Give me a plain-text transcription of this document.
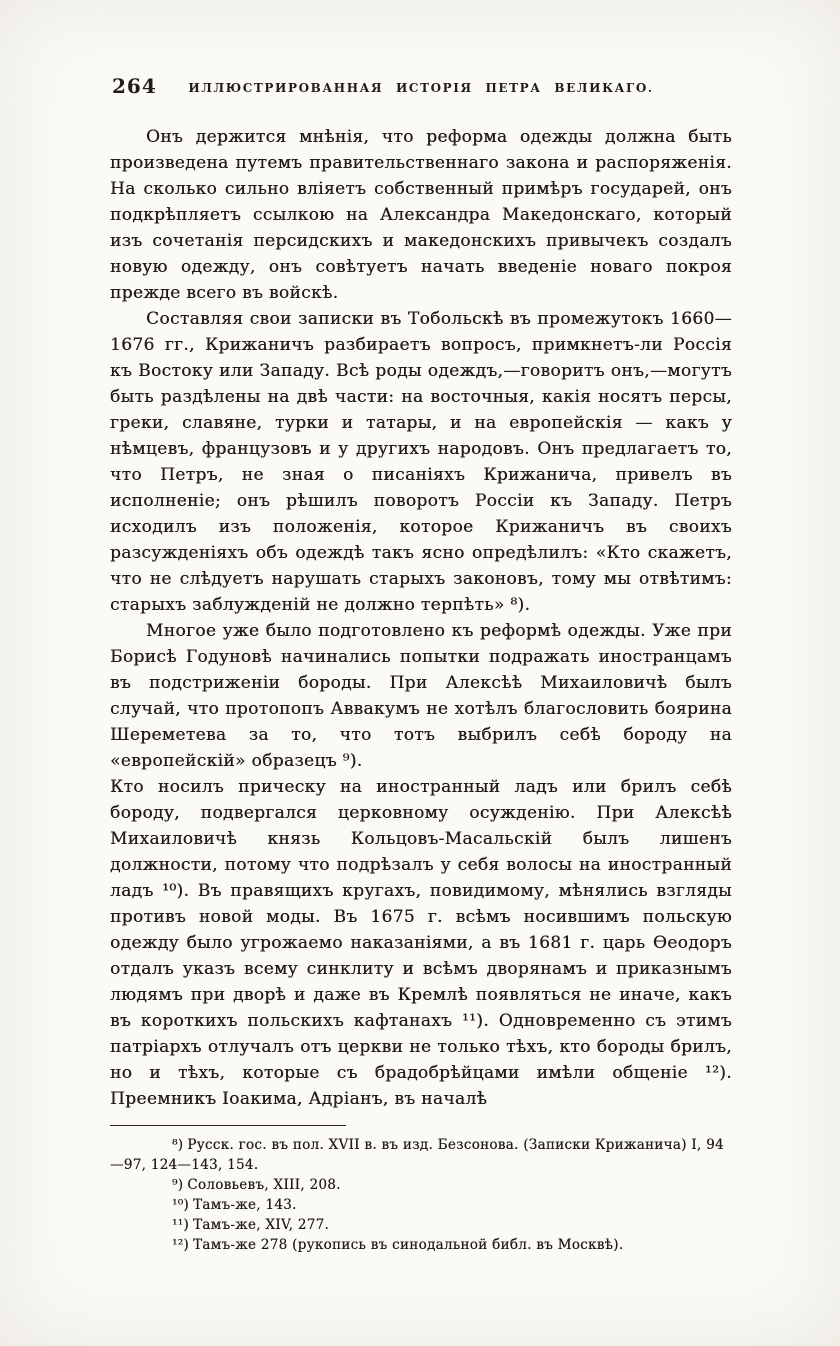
264	ИЛЛЮСТРИРОВАННАЯ ИСТОРІЯ ПЕТРА ВЕЛИКАГО.

Онъ держится мнѣнія, что реформа одежды должна быть произведена путемъ правительственнаго закона и распоряженія. На сколько сильно вліяетъ собственный примѣръ государей, онъ подкрѣпляетъ ссылкою на Александра Македонскаго, который изъ сочетанія персидскихъ и македонскихъ привычекъ создалъ новую одежду, онъ совѣтуетъ начать введеніе новаго покроя прежде всего въ войскѣ.

Составляя свои записки въ Тобольскѣ въ промежутокъ 1660—1676 гг., Крижаничъ разбираетъ вопросъ, примкнетъ-ли Россія къ Востоку или Западу. Всѣ роды одеждъ,—говоритъ онъ,—могутъ быть раздѣлены на двѣ части: на восточныя, какія носятъ персы, греки, славяне, турки и татары, и на европейскія — какъ у нѣмцевъ, французовъ и у другихъ народовъ. Онъ предлагаетъ то, что Петръ, не зная о писаніяхъ Крижанича, привелъ въ исполненіе; онъ рѣшилъ поворотъ Россіи къ Западу. Петръ исходилъ изъ положенія, которое Крижаничъ въ своихъ разсужденіяхъ объ одеждѣ такъ ясно опредѣлилъ: «Кто скажетъ, что не слѣдуетъ нарушать старыхъ законовъ, тому мы отвѣтимъ: старыхъ заблужденій не должно терпѣть» ⁸).

Многое уже было подготовлено къ реформѣ одежды. Уже при Борисѣ Годуновѣ начинались попытки подражать иностранцамъ въ подстриженіи бороды. При Алексѣѣ Михаиловичѣ былъ случай, что протопопъ Аввакумъ не хотѣлъ благословить боярина Шереметева за то, что тотъ выбрилъ себѣ бороду на «европейскій» образецъ ⁹).

Кто носилъ прическу на иностранный ладъ или брилъ себѣ бороду, подвергался церковному осужденію. При Алексѣѣ Михаиловичѣ князь Кольцовъ-Масальскій былъ лишенъ должности, потому что подрѣзалъ у себя волосы на иностранный ладъ ¹⁰). Въ правящихъ кругахъ, повидимому, мѣнялись взгляды противъ новой моды. Въ 1675 г. всѣмъ носившимъ польскую одежду было угрожаемо наказаніями, а въ 1681 г. царь Ѳеодоръ отдалъ указъ всему синклиту и всѣмъ дворянамъ и приказнымъ людямъ при дворѣ и даже въ Кремлѣ появляться не иначе, какъ въ короткихъ польскихъ кафтанахъ ¹¹). Одновременно съ этимъ патріархъ отлучалъ отъ церкви не только тѣхъ, кто бороды брилъ, но и тѣхъ, которые съ брадобрѣйцами имѣли общеніе ¹²). Преемникъ Іоакима, Адріанъ, въ началѣ

⁸) Русск. гос. въ пол. XVII в. въ изд. Безсонова. (Записки Крижанича) I, 94—97, 124—143, 154.

⁹) Соловьевъ, XIII, 208.

¹⁰) Тамъ-же, 143.

¹¹) Тамъ-же, XIV, 277.

¹²) Тамъ-же 278 (рукопись въ синодальной библ. въ Москвѣ).
